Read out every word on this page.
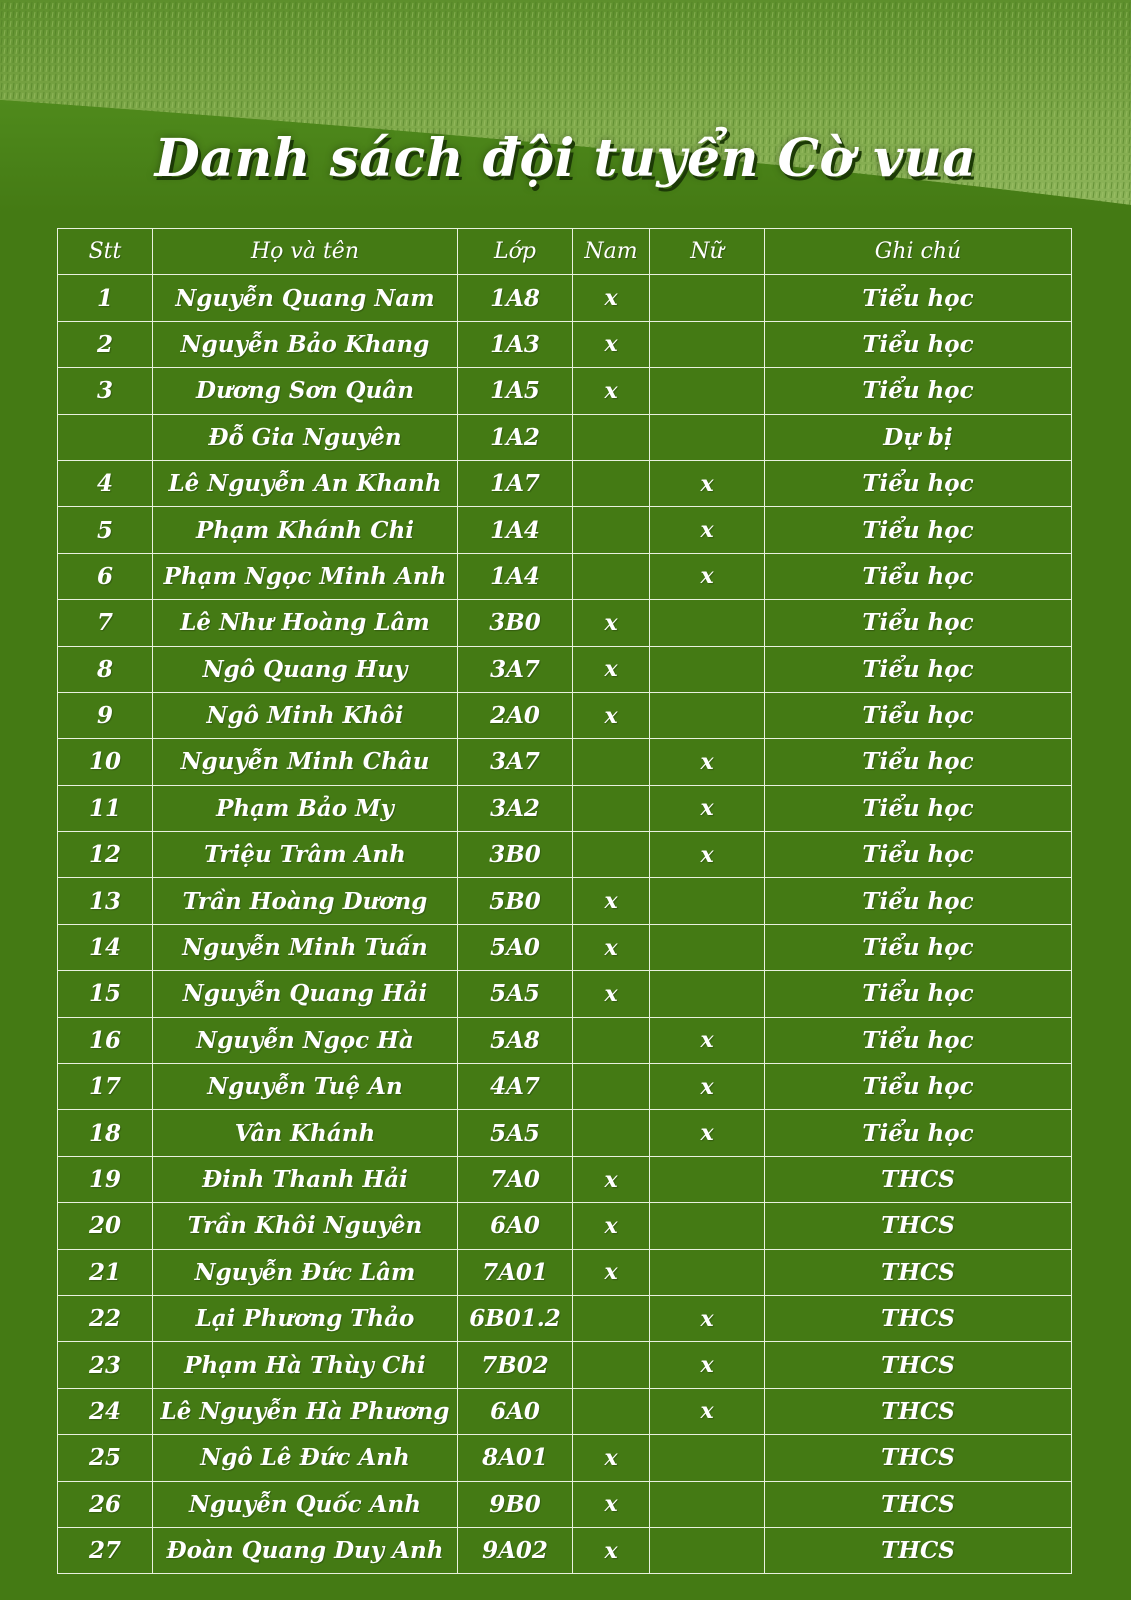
Danh sách đội tuyển Cờ vua
Stt	Họ và tên	Lớp	Nam	Nữ	Ghi chú
1	Nguyễn Quang Nam	1A8	x		Tiểu học
2	Nguyễn Bảo Khang	1A3	x		Tiểu học
3	Dương Sơn Quân	1A5	x		Tiểu học
	Đỗ Gia Nguyên	1A2			Dự bị
4	Lê Nguyễn An Khanh	1A7		x	Tiểu học
5	Phạm Khánh Chi	1A4		x	Tiểu học
6	Phạm Ngọc Minh Anh	1A4		x	Tiểu học
7	Lê Như Hoàng Lâm	3B0	x		Tiểu học
8	Ngô Quang Huy	3A7	x		Tiểu học
9	Ngô Minh Khôi	2A0	x		Tiểu học
10	Nguyễn Minh Châu	3A7		x	Tiểu học
11	Phạm Bảo My	3A2		x	Tiểu học
12	Triệu Trâm Anh	3B0		x	Tiểu học
13	Trần Hoàng Dương	5B0	x		Tiểu học
14	Nguyễn Minh Tuấn	5A0	x		Tiểu học
15	Nguyễn Quang Hải	5A5	x		Tiểu học
16	Nguyễn Ngọc Hà	5A8		x	Tiểu học
17	Nguyễn Tuệ An	4A7		x	Tiểu học
18	Vân Khánh	5A5		x	Tiểu học
19	Đinh Thanh Hải	7A0	x		THCS
20	Trần Khôi Nguyên	6A0	x		THCS
21	Nguyễn Đức Lâm	7A01	x		THCS
22	Lại Phương Thảo	6B01.2		x	THCS
23	Phạm Hà Thùy Chi	7B02		x	THCS
24	Lê Nguyễn Hà Phương	6A0		x	THCS
25	Ngô Lê Đức Anh	8A01	x		THCS
26	Nguyễn Quốc Anh	9B0	x		THCS
27	Đoàn Quang Duy Anh	9A02	x		THCS
